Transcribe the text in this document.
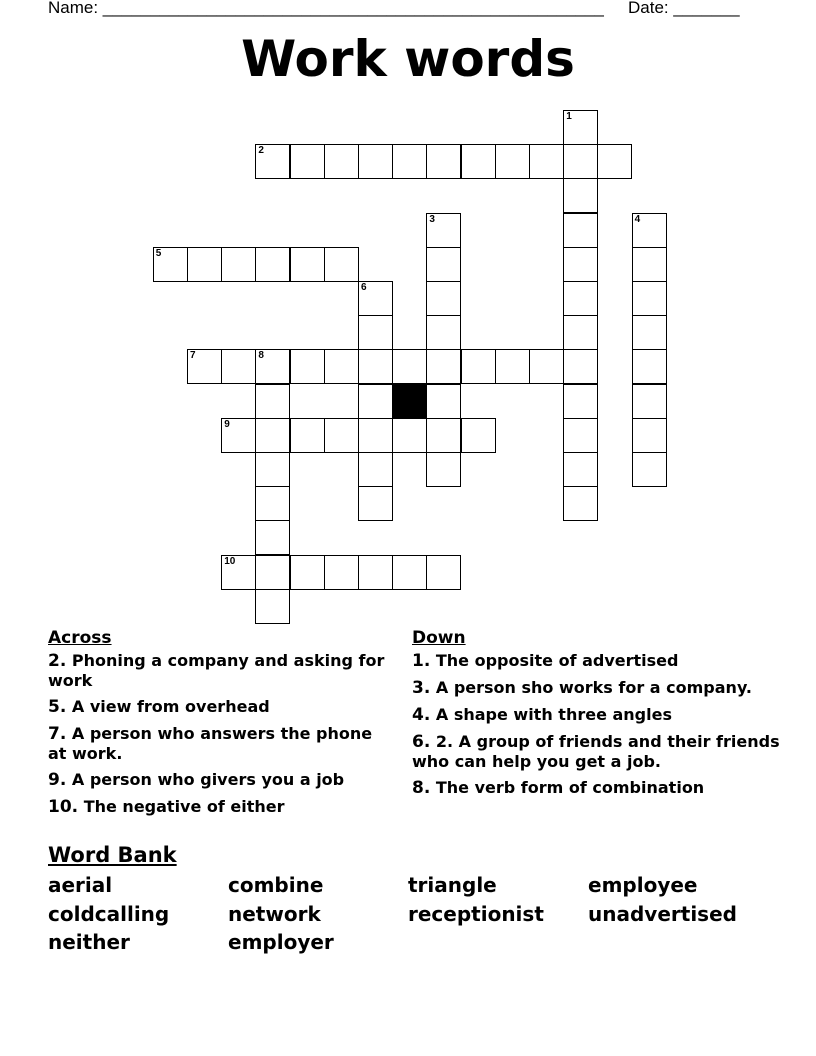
Name: _____________________________________________________ Date: _______
Work words
1
2
3	4
5
6
7	8
9
10
Across
2. Phoning a company and asking for work
5. A view from overhead
7. A person who answers the phone at work.
9. A person who givers you a job
10. The negative of either
Down
1. The opposite of advertised
3. A person sho works for a company.
4. A shape with three angles
6. 2. A group of friends and their friends who can help you get a job.
8. The verb form of combination
Word Bank
aerial	combine	triangle	employee
coldcalling	network	receptionist unadvertised
neither	employer
